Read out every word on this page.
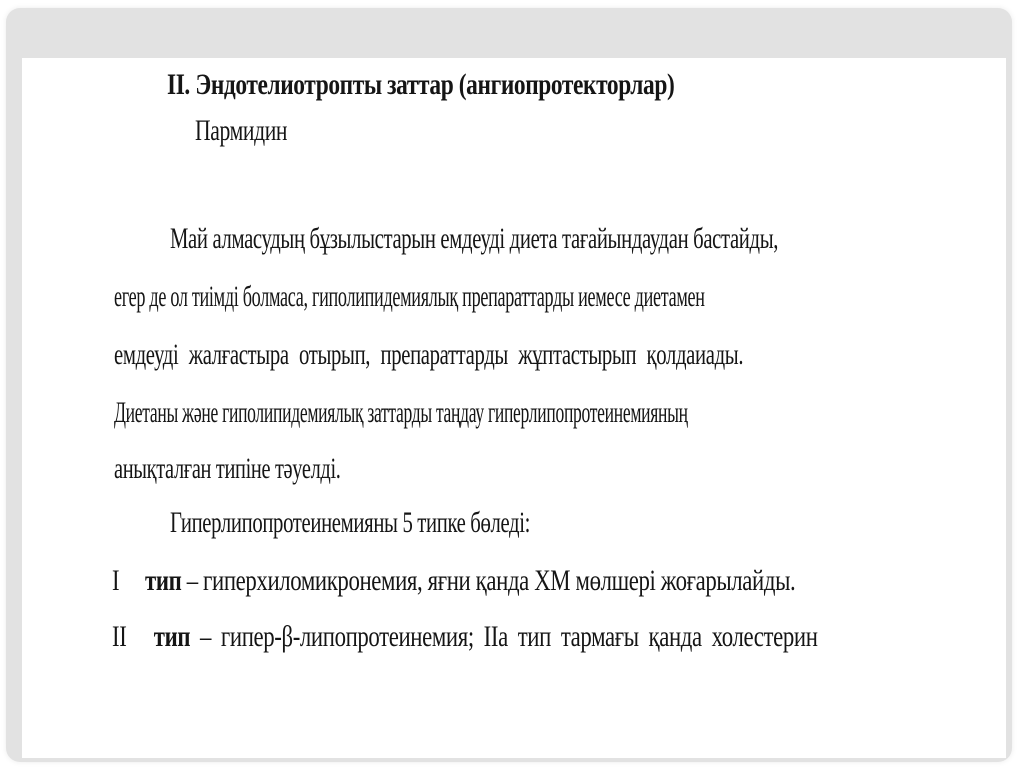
II. Эндотелиотропты заттар (ангиопротекторлар)
Пармидин
Май алмасудың бұзылыстарын емдеуді диета тағайындаудан бастайды,
егер де ол тиімді болмаса, гиполипидемиялық препараттарды иемесе диетамен
емдеуді жалғастыра отырып, препараттарды жұптастырып қолдаиады.
Диетаны және гиполипидемиялық заттарды таңдау гиперлипопротеинемияның
анықталған типіне тәуелді.
Гиперлипопротеинемияны 5 типке бөледі:
I тип – гиперхиломикронемия, яғни қанда ХМ мөлшері жоғарылайды.
II тип – гипер-β-липопротеинемия; IIa тип тармағы қанда холестерин
